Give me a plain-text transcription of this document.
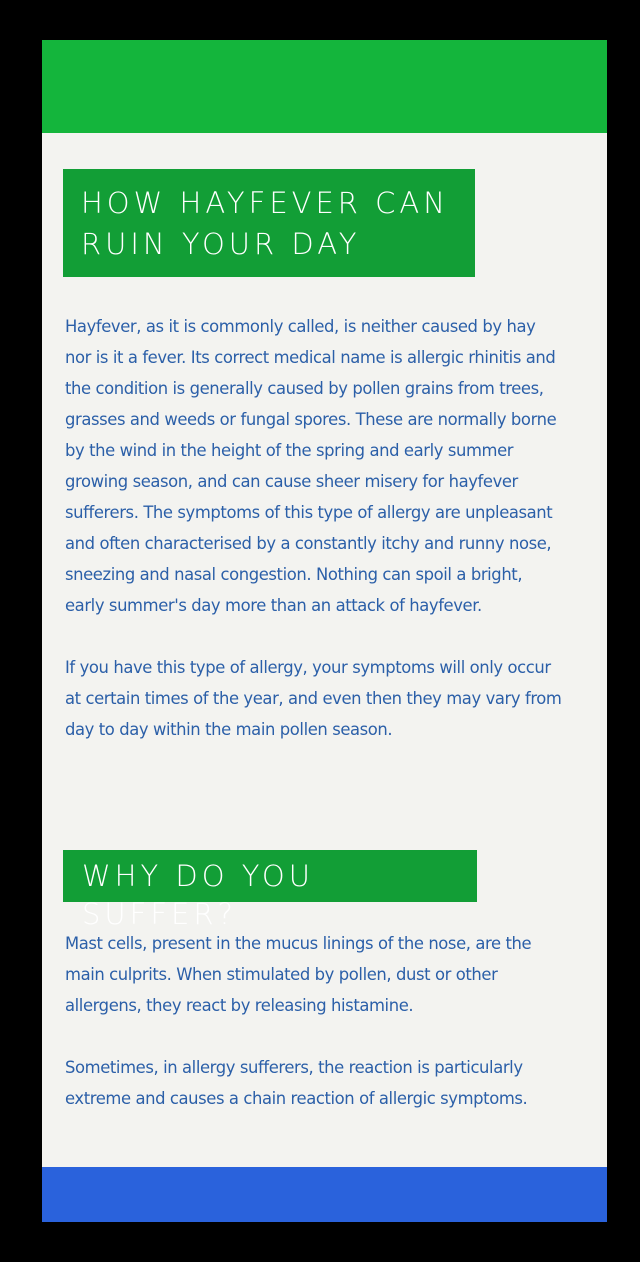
HOW HAYFEVER CAN RUIN YOUR DAY

Hayfever, as it is commonly called, is neither caused by hay nor is it a fever. Its correct medical name is allergic rhinitis and the condition is generally caused by pollen grains from trees, grasses and weeds or fungal spores. These are normally borne by the wind in the height of the spring and early summer growing season, and can cause sheer misery for hayfever sufferers. The symptoms of this type of allergy are unpleasant and often characterised by a constantly itchy and runny nose, sneezing and nasal congestion. Nothing can spoil a bright, early summer's day more than an attack of hayfever.

If you have this type of allergy, your symptoms will only occur at certain times of the year, and even then they may vary from day to day within the main pollen season.

WHY DO YOU SUFFER?

Mast cells, present in the mucus linings of the nose, are the main culprits. When stimulated by pollen, dust or other allergens, they react by releasing histamine.

Sometimes, in allergy sufferers, the reaction is particularly extreme and causes a chain reaction of allergic symptoms.
